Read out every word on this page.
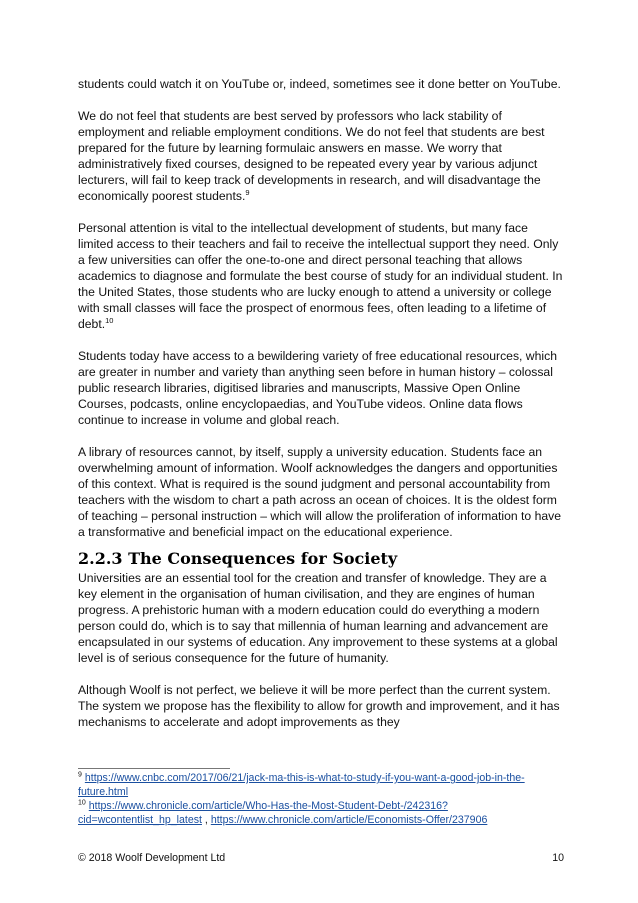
students could watch it on YouTube or, indeed, sometimes see it done better on YouTube.

We do not feel that students are best served by professors who lack stability of employment and reliable employment conditions. We do not feel that students are best prepared for the future by learning formulaic answers en masse. We worry that administratively fixed courses, designed to be repeated every year by various adjunct lecturers, will fail to keep track of developments in research, and will disadvantage the economically poorest students.$^9$

Personal attention is vital to the intellectual development of students, but many face limited access to their teachers and fail to receive the intellectual support they need. Only a few universities can offer the one-to-one and direct personal teaching that allows academics to diagnose and formulate the best course of study for an individual student. In the United States, those students who are lucky enough to attend a university or college with small classes will face the prospect of enormous fees, often leading to a lifetime of debt.$^{10}$

Students today have access to a bewildering variety of free educational resources, which are greater in number and variety than anything seen before in human history – colossal public research libraries, digitised libraries and manuscripts, Massive Open Online Courses, podcasts, online encyclopaedias, and YouTube videos. Online data flows continue to increase in volume and global reach.

A library of resources cannot, by itself, supply a university education. Students face an overwhelming amount of information. Woolf acknowledges the dangers and opportunities of this context. What is required is the sound judgment and personal accountability from teachers with the wisdom to chart a path across an ocean of choices. It is the oldest form of teaching – personal instruction – which will allow the proliferation of information to have a transformative and beneficial impact on the educational experience.

2.2.3 The Consequences for Society

Universities are an essential tool for the creation and transfer of knowledge. They are a key element in the organisation of human civilisation, and they are engines of human progress. A prehistoric human with a modern education could do everything a modern person could do, which is to say that millennia of human learning and advancement are encapsulated in our systems of education. Any improvement to these systems at a global level is of serious consequence for the future of humanity.

Although Woolf is not perfect, we believe it will be more perfect than the current system. The system we propose has the flexibility to allow for growth and improvement, and it has mechanisms to accelerate and adopt improvements as they

$^9$ https://www.cnbc.com/2017/06/21/jack-ma-this-is-what-to-study-if-you-want-a-good-job-in-the-future.html

$^{10}$ https://www.chronicle.com/article/Who-Has-the-Most-Student-Debt-/242316?cid=wcontentlist_hp_latest , https://www.chronicle.com/article/Economists-Offer/237906

© 2018 Woolf Development Ltd	10
